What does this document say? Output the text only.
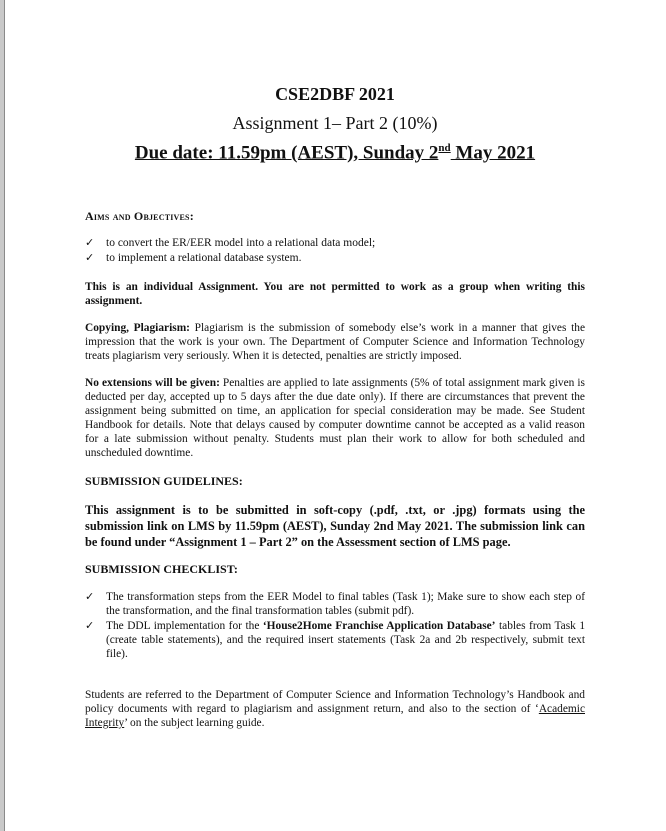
CSE2DBF 2021
Assignment 1– Part 2 (10%)
Due date: 11.59pm (AEST), Sunday 2nd May 2021
Aims and Objectives:
✓ to convert the ER/EER model into a relational data model;
✓ to implement a relational database system.

This is an individual Assignment. You are not permitted to work as a group when writing this assignment.

Copying, Plagiarism: Plagiarism is the submission of somebody else’s work in a manner that gives the impression that the work is your own. The Department of Computer Science and Information Technology treats plagiarism very seriously. When it is detected, penalties are strictly imposed.

No extensions will be given: Penalties are applied to late assignments (5% of total assignment mark given is deducted per day, accepted up to 5 days after the due date only). If there are circumstances that prevent the assignment being submitted on time, an application for special consideration may be made. See Student Handbook for details. Note that delays caused by computer downtime cannot be accepted as a valid reason for a late submission without penalty. Students must plan their work to allow for both scheduled and unscheduled downtime.

SUBMISSION GUIDELINES:

This assignment is to be submitted in soft-copy (.pdf, .txt, or .jpg) formats using the submission link on LMS by 11.59pm (AEST), Sunday 2nd May 2021. The submission link can be found under “Assignment 1 – Part 2” on the Assessment section of LMS page.

SUBMISSION CHECKLIST:
✓ The transformation steps from the EER Model to final tables (Task 1); Make sure to show each step of the transformation, and the final transformation tables (submit pdf).
✓ The DDL implementation for the ‘House2Home Franchise Application Database’ tables from Task 1 (create table statements), and the required insert statements (Task 2a and 2b respectively, submit text file).

Students are referred to the Department of Computer Science and Information Technology’s Handbook and policy documents with regard to plagiarism and assignment return, and also to the section of ‘Academic Integrity’ on the subject learning guide.
